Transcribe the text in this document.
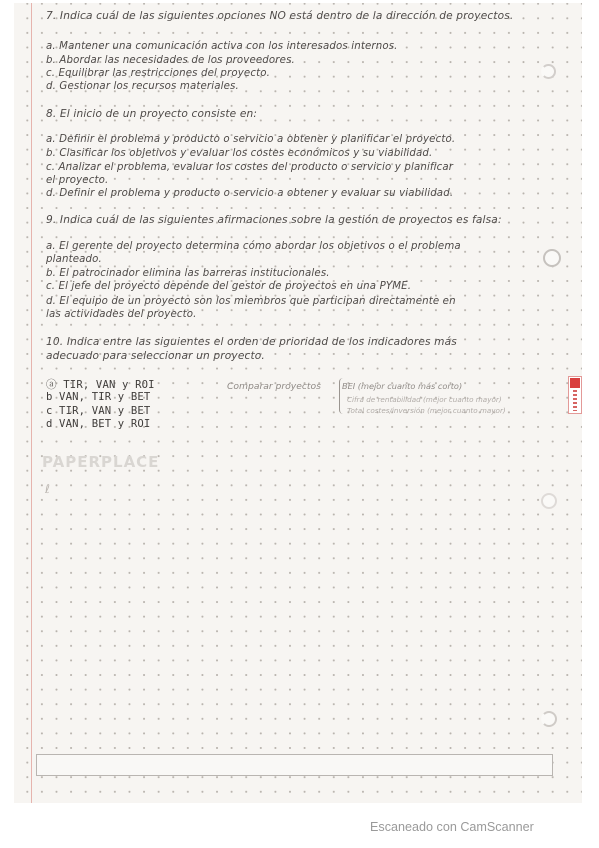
7. Indica cuál de las siguientes opciones NO está dentro de la dirección de proyectos.
a. Mantener una comunicación activa con los interesados internos.
b. Abordar las necesidades de los proveedores.
c. Equilibrar las restricciones del proyecto.
d. Gestionar los recursos materiales.
8. El inicio de un proyecto consiste en:
a. Definir el problema y producto o servicio a obtener y planificar el proyecto.
b. Clasificar los objetivos y evaluar los costes económicos y su viabilidad.
c. Analizar el problema, evaluar los costes del producto o servicio y planificar
el proyecto.
d. Definir el problema y producto o servicio a obtener y evaluar su viabilidad.
9. Indica cuál de las siguientes afirmaciones sobre la gestión de proyectos es falsa:
a. El gerente del proyecto determina cómo abordar los objetivos o el problema
planteado.
b. El patrocinador elimina las barreras institucionales.
c. El jefe del proyecto depende del gestor de proyectos en una PYME.
d. El equipo de un proyecto son los miembros que participan directamente en
las actividades del proyecto.
10. Indica entre las siguientes el orden de prioridad de los indicadores más
adecuado para seleccionar un proyecto.
ⓐ TIR, VAN y ROI
b VAN, TIR y BET
c TIR, VAN y BET
d VAN, BET y ROI
Comparar proyectos	BEI (mejor cuanto más corto)
Cifra de rentabilidad (mejor cuanto mayor)
Total costes/inversión (mejor cuanto mayor)
PAPERPLACE
ℓ
Escaneado con CamScanner
